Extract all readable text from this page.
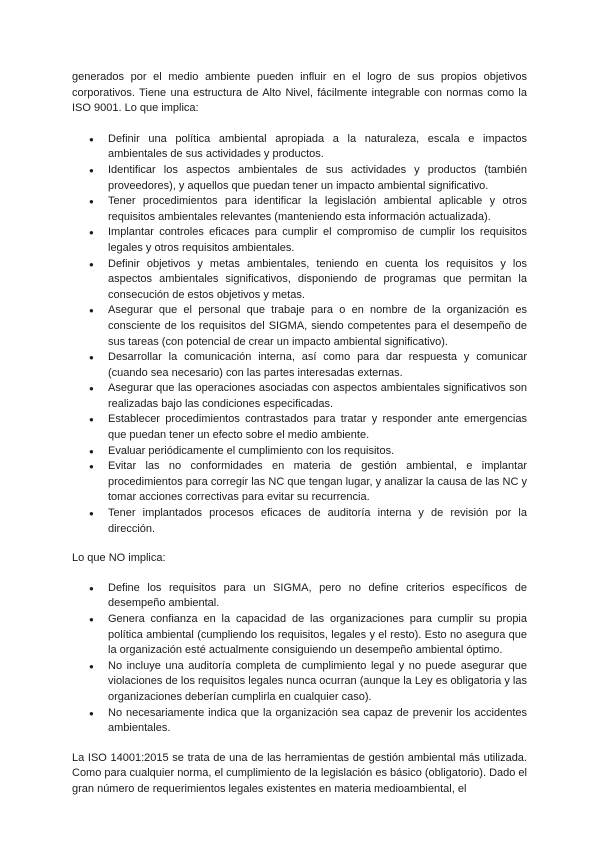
generados por el medio ambiente pueden influir en el logro de sus propios objetivos corporativos. Tiene una estructura de Alto Nivel, fácilmente integrable con normas como la ISO 9001. Lo que implica:

● Definir una política ambiental apropiada a la naturaleza, escala e impactos ambientales de sus actividades y productos.
● Identificar los aspectos ambientales de sus actividades y productos (también proveedores), y aquellos que puedan tener un impacto ambiental significativo.
● Tener procedimientos para identificar la legislación ambiental aplicable y otros requisitos ambientales relevantes (manteniendo esta información actualizada).
● Implantar controles eficaces para cumplir el compromiso de cumplir los requisitos legales y otros requisitos ambientales.
● Definir objetivos y metas ambientales, teniendo en cuenta los requisitos y los aspectos ambientales significativos, disponiendo de programas que permitan la consecución de estos objetivos y metas.
● Asegurar que el personal que trabaje para o en nombre de la organización es consciente de los requisitos del SIGMA, siendo competentes para el desempeño de sus tareas (con potencial de crear un impacto ambiental significativo).
● Desarrollar la comunicación interna, así como para dar respuesta y comunicar (cuando sea necesario) con las partes interesadas externas.
● Asegurar que las operaciones asociadas con aspectos ambientales significativos son realizadas bajo las condiciones especificadas.
● Establecer procedimientos contrastados para tratar y responder ante emergencias que puedan tener un efecto sobre el medio ambiente.
● Evaluar periódicamente el cumplimiento con los requisitos.
● Evitar las no conformidades en materia de gestión ambiental, e implantar procedimientos para corregir las NC que tengan lugar, y analizar la causa de las NC y tomar acciones correctivas para evitar su recurrencia.
● Tener implantados procesos eficaces de auditoría interna y de revisión por la dirección.

Lo que NO implica:

● Define los requisitos para un SIGMA, pero no define criterios específicos de desempeño ambiental.
● Genera confianza en la capacidad de las organizaciones para cumplir su propia política ambiental (cumpliendo los requisitos, legales y el resto). Esto no asegura que la organización esté actualmente consiguiendo un desempeño ambiental óptimo.
● No incluye una auditoría completa de cumplimiento legal y no puede asegurar que violaciones de los requisitos legales nunca ocurran (aunque la Ley es obligatoria y las organizaciones deberían cumplirla en cualquier caso).
● No necesariamente indica que la organización sea capaz de prevenir los accidentes ambientales.

La ISO 14001:2015 se trata de una de las herramientas de gestión ambiental más utilizada. Como para cualquier norma, el cumplimiento de la legislación es básico (obligatorio). Dado el gran número de requerimientos legales existentes en materia medioambiental, el
